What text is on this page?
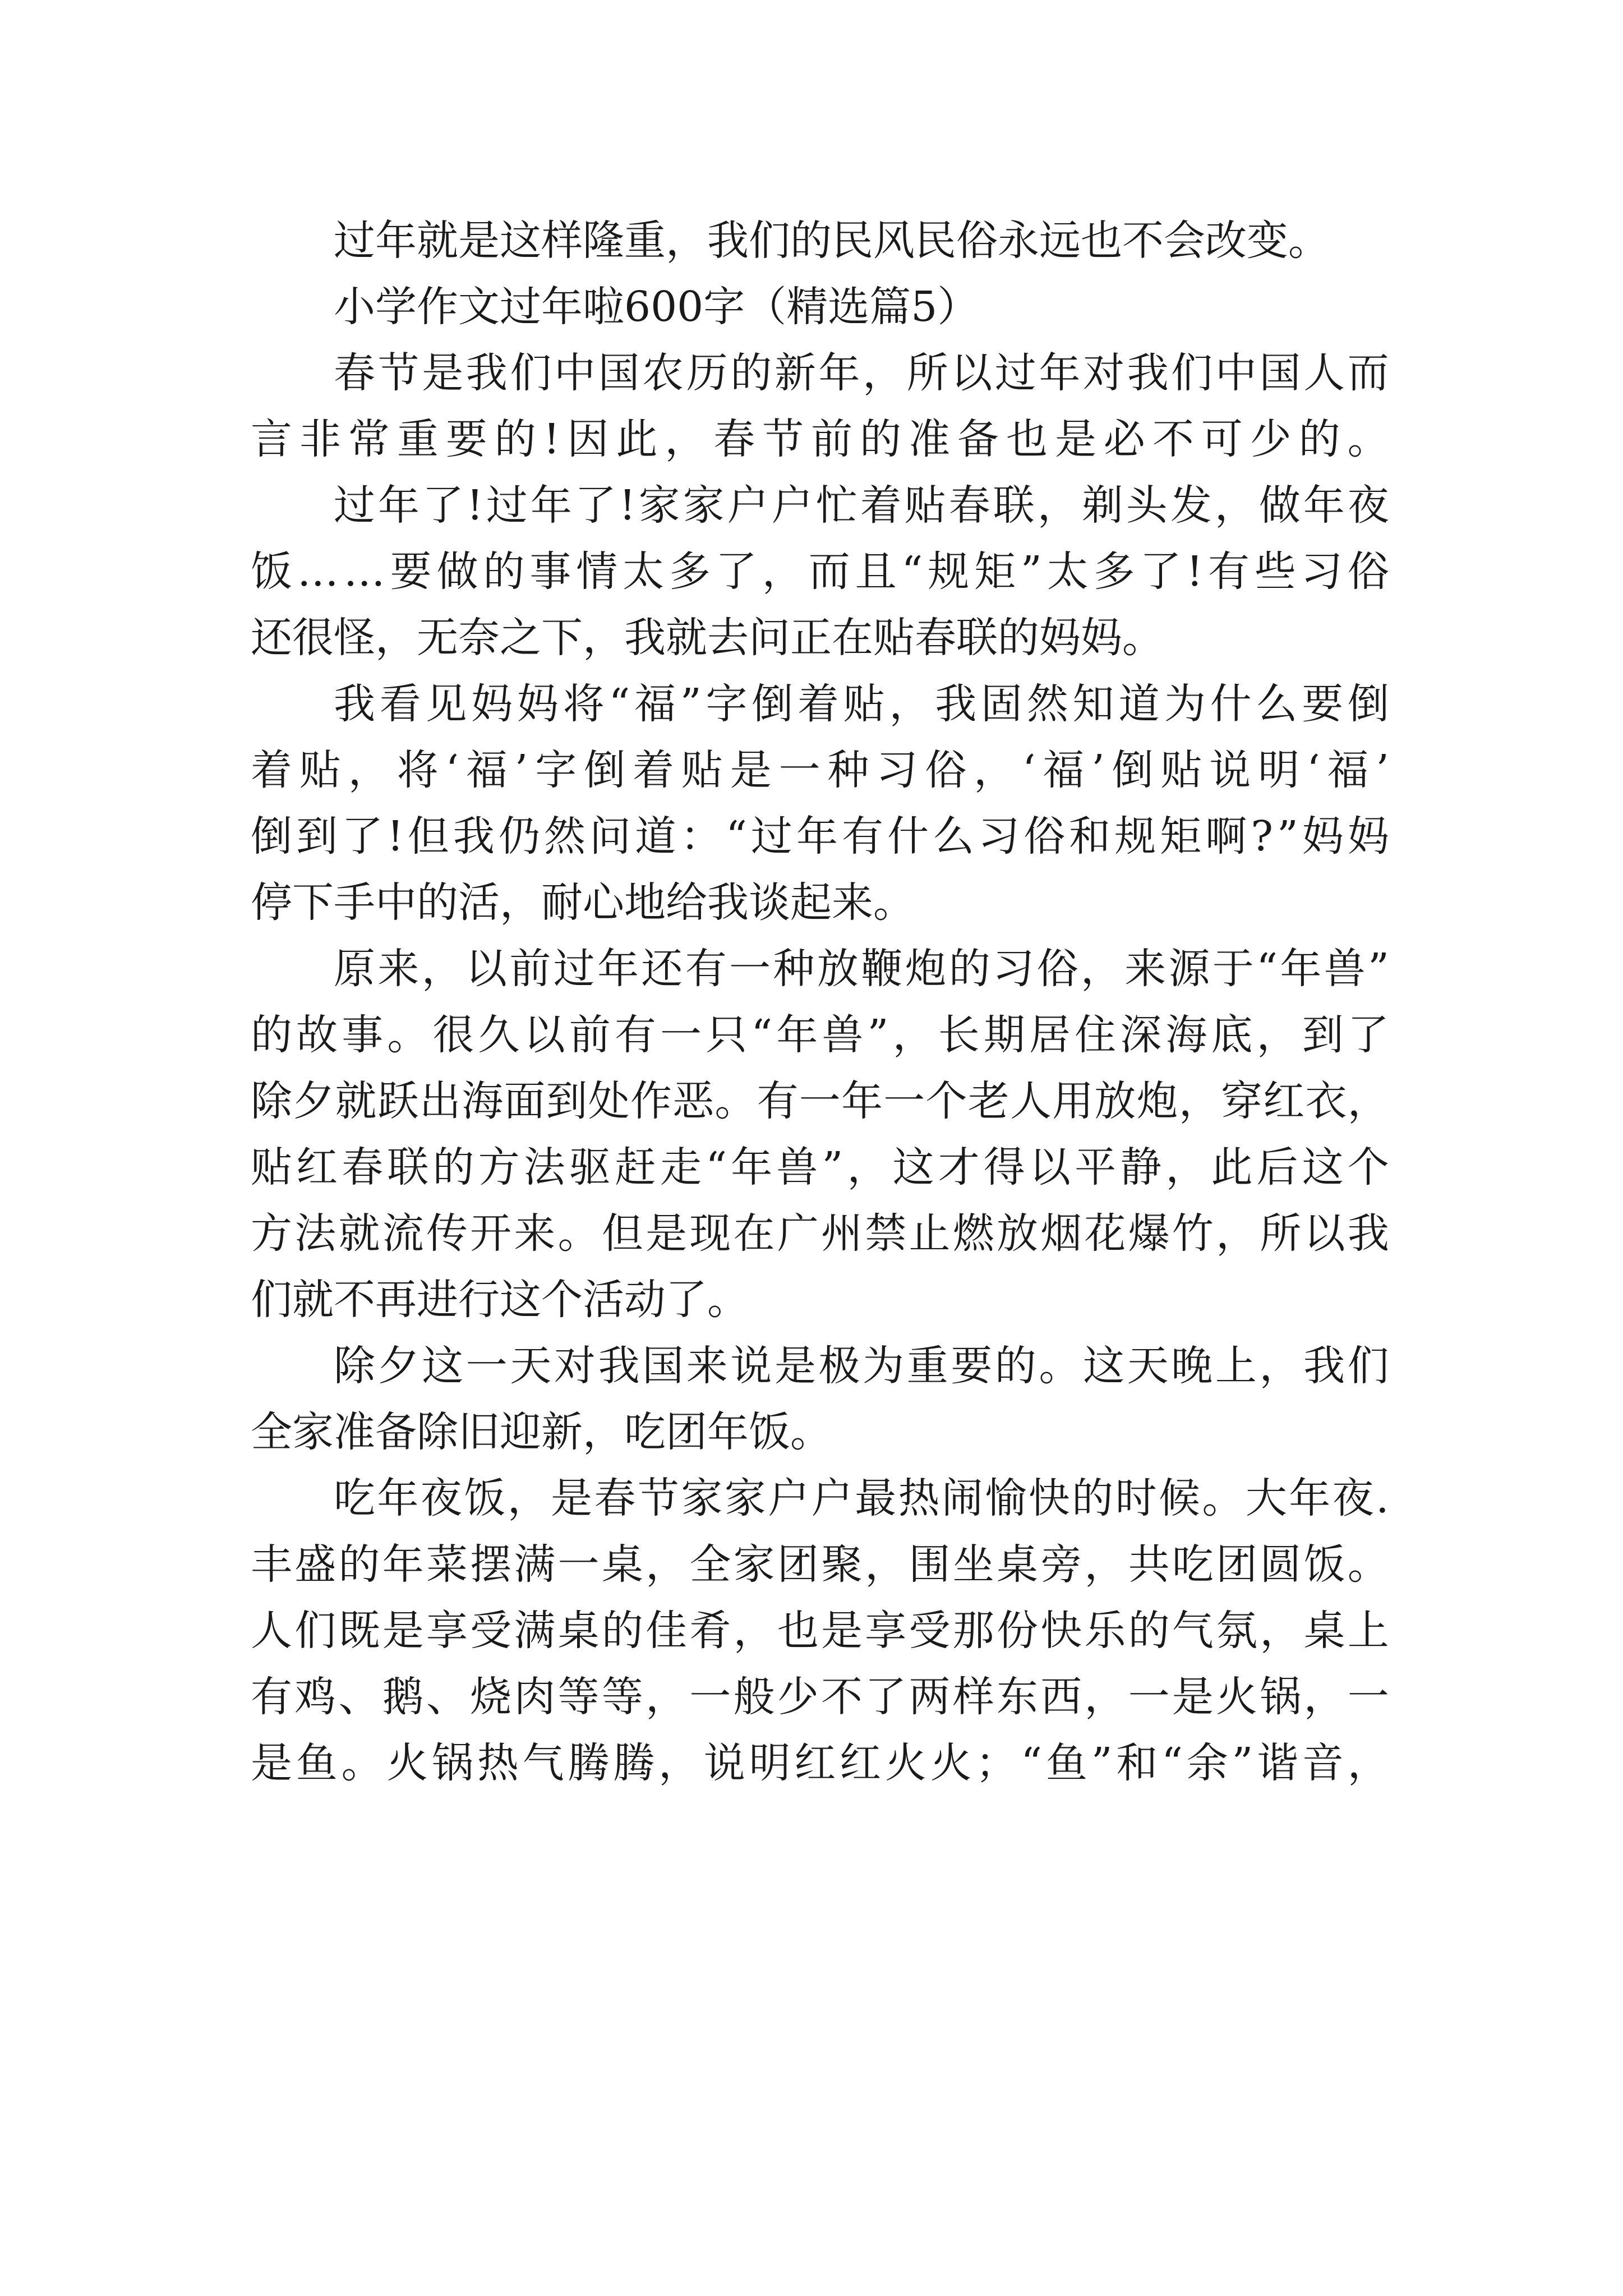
过年就是这样隆重，我们的民风民俗永远也不会改变。
小学作文过年啦600字（精选篇5）
春 节 是 我 们 中 国 农 历 的 新 年 ， 所 以 过 年 对 我 们 中 国 人 而
言 非 常 重 要 的 ! 因 此 ， 春 节 前 的 准 备 也 是 必 不 可 少 的 。
过 年 了 ! 过 年 了 ! 家 家 户 户 忙 着 贴 春 联 ， 剃 头 发 ， 做 年 夜
饭 … … 要 做 的 事 情 太 多 了 ， 而 且 “ 规 矩 ” 太 多 了 ! 有 些 习 俗
还很怪，无奈之下，我就去问正在贴春联的妈妈。
我 看 见 妈 妈 将 “ 福 ” 字 倒 着 贴 ， 我 固 然 知 道 为 什 么 要 倒
着 贴 ， 将 ‘ 福 ’ 字 倒 着 贴 是 一 种 习 俗 ， ‘ 福 ’ 倒 贴 说 明 ‘ 福 ’
倒 到 了 ! 但 我 仍 然 问 道 ： “ 过 年 有 什 么 习 俗 和 规 矩 啊 ? ” 妈 妈
停下手中的活，耐心地给我谈起来。
原 来 ， 以 前 过 年 还 有 一 种 放 鞭 炮 的 习 俗 ， 来 源 于 “ 年 兽 ”
的 故 事 。 很 久 以 前 有 一 只 “ 年 兽 ” ， 长 期 居 住 深 海 底 ， 到 了
除 夕 就 跃 出 海 面 到 处 作 恶 。 有 一 年 一 个 老 人 用 放 炮 ， 穿 红 衣 ，
贴 红 春 联 的 方 法 驱 赶 走 “ 年 兽 ” ， 这 才 得 以 平 静 ， 此 后 这 个
方 法 就 流 传 开 来 。 但 是 现 在 广 州 禁 止 燃 放 烟 花 爆 竹 ， 所 以 我
们就不再进行这个活动了。
除 夕 这 一 天 对 我 国 来 说 是 极 为 重 要 的 。 这 天 晚 上 ， 我 们
全家准备除旧迎新，吃团年饭。
吃 年 夜 饭 ， 是 春 节 家 家 户 户 最 热 闹 愉 快 的 时 候 。 大 年 夜 .
丰 盛 的 年 菜 摆 满 一 桌 ， 全 家 团 聚 ， 围 坐 桌 旁 ， 共 吃 团 圆 饭 。
人 们 既 是 享 受 满 桌 的 佳 肴 ， 也 是 享 受 那 份 快 乐 的 气 氛 ， 桌 上
有 鸡 、 鹅 、 烧 肉 等 等 ， 一 般 少 不 了 两 样 东 西 ， 一 是 火 锅 ， 一
是 鱼 。 火 锅 热 气 腾 腾 ， 说 明 红 红 火 火 ； “ 鱼 ” 和 “ 余 ” 谐 音 ，
